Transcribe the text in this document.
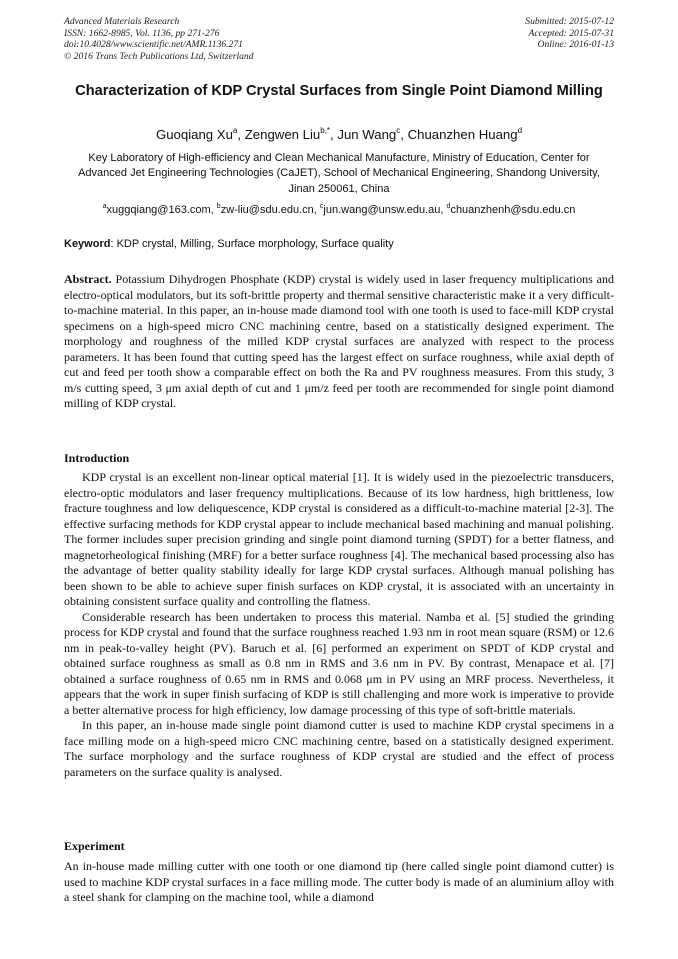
Advanced Materials Research
ISSN: 1662-8985, Vol. 1136, pp 271-276
doi:10.4028/www.scientific.net/AMR.1136.271
© 2016 Trans Tech Publications Ltd, Switzerland
Submitted: 2015-07-12
Accepted: 2015-07-31
Online: 2016-01-13
Characterization of KDP Crystal Surfaces from Single Point Diamond Milling
Guoqiang Xu$^a$, Zengwen Liu$^{b,*}$, Jun Wang$^c$, Chuanzhen Huang$^d$
Key Laboratory of High-efficiency and Clean Mechanical Manufacture, Ministry of Education, Center for Advanced Jet Engineering Technologies (CaJET), School of Mechanical Engineering, Shandong University, Jinan 250061, China
$^a$xuggqiang@163.com, $^b$zw-liu@sdu.edu.cn, $^c$jun.wang@unsw.edu.au, $^d$chuanzhenh@sdu.edu.cn
Keyword: KDP crystal, Milling, Surface morphology, Surface quality

Abstract. Potassium Dihydrogen Phosphate (KDP) crystal is widely used in laser frequency multiplications and electro-optical modulators, but its soft-brittle property and thermal sensitive characteristic make it a very difficult-to-machine material. In this paper, an in-house made diamond tool with one tooth is used to face-mill KDP crystal specimens on a high-speed micro CNC machining centre, based on a statistically designed experiment. The morphology and roughness of the milled KDP crystal surfaces are analyzed with respect to the process parameters. It has been found that cutting speed has the largest effect on surface roughness, while axial depth of cut and feed per tooth show a comparable effect on both the Ra and PV roughness measures. From this study, 3 m/s cutting speed, 3 μm axial depth of cut and 1 μm/z feed per tooth are recommended for single point diamond milling of KDP crystal.

Introduction

KDP crystal is an excellent non-linear optical material [1]. It is widely used in the piezoelectric transducers, electro-optic modulators and laser frequency multiplications. Because of its low hardness, high brittleness, low fracture toughness and low deliquescence, KDP crystal is considered as a difficult-to-machine material [2-3]. The effective surfacing methods for KDP crystal appear to include mechanical based machining and manual polishing. The former includes super precision grinding and single point diamond turning (SPDT) for a better flatness, and magnetorheological finishing (MRF) for a better surface roughness [4]. The mechanical based processing also has the advantage of better quality stability ideally for large KDP crystal surfaces. Although manual polishing has been shown to be able to achieve super finish surfaces on KDP crystal, it is associated with an uncertainty in obtaining consistent surface quality and controlling the flatness.

Considerable research has been undertaken to process this material. Namba et al. [5] studied the grinding process for KDP crystal and found that the surface roughness reached 1.93 nm in root mean square (RSM) or 12.6 nm in peak-to-valley height (PV). Baruch et al. [6] performed an experiment on SPDT of KDP crystal and obtained surface roughness as small as 0.8 nm in RMS and 3.6 nm in PV. By contrast, Menapace et al. [7] obtained a surface roughness of 0.65 nm in RMS and 0.068 μm in PV using an MRF process. Nevertheless, it appears that the work in super finish surfacing of KDP is still challenging and more work is imperative to provide a better alternative process for high efficiency, low damage processing of this type of soft-brittle materials.

In this paper, an in-house made single point diamond cutter is used to machine KDP crystal specimens in a face milling mode on a high-speed micro CNC machining centre, based on a statistically designed experiment. The surface morphology and the surface roughness of KDP crystal are studied and the effect of process parameters on the surface quality is analysed.

Experiment

An in-house made milling cutter with one tooth or one diamond tip (here called single point diamond cutter) is used to machine KDP crystal surfaces in a face milling mode. The cutter body is made of an aluminium alloy with a steel shank for clamping on the machine tool, while a diamond
